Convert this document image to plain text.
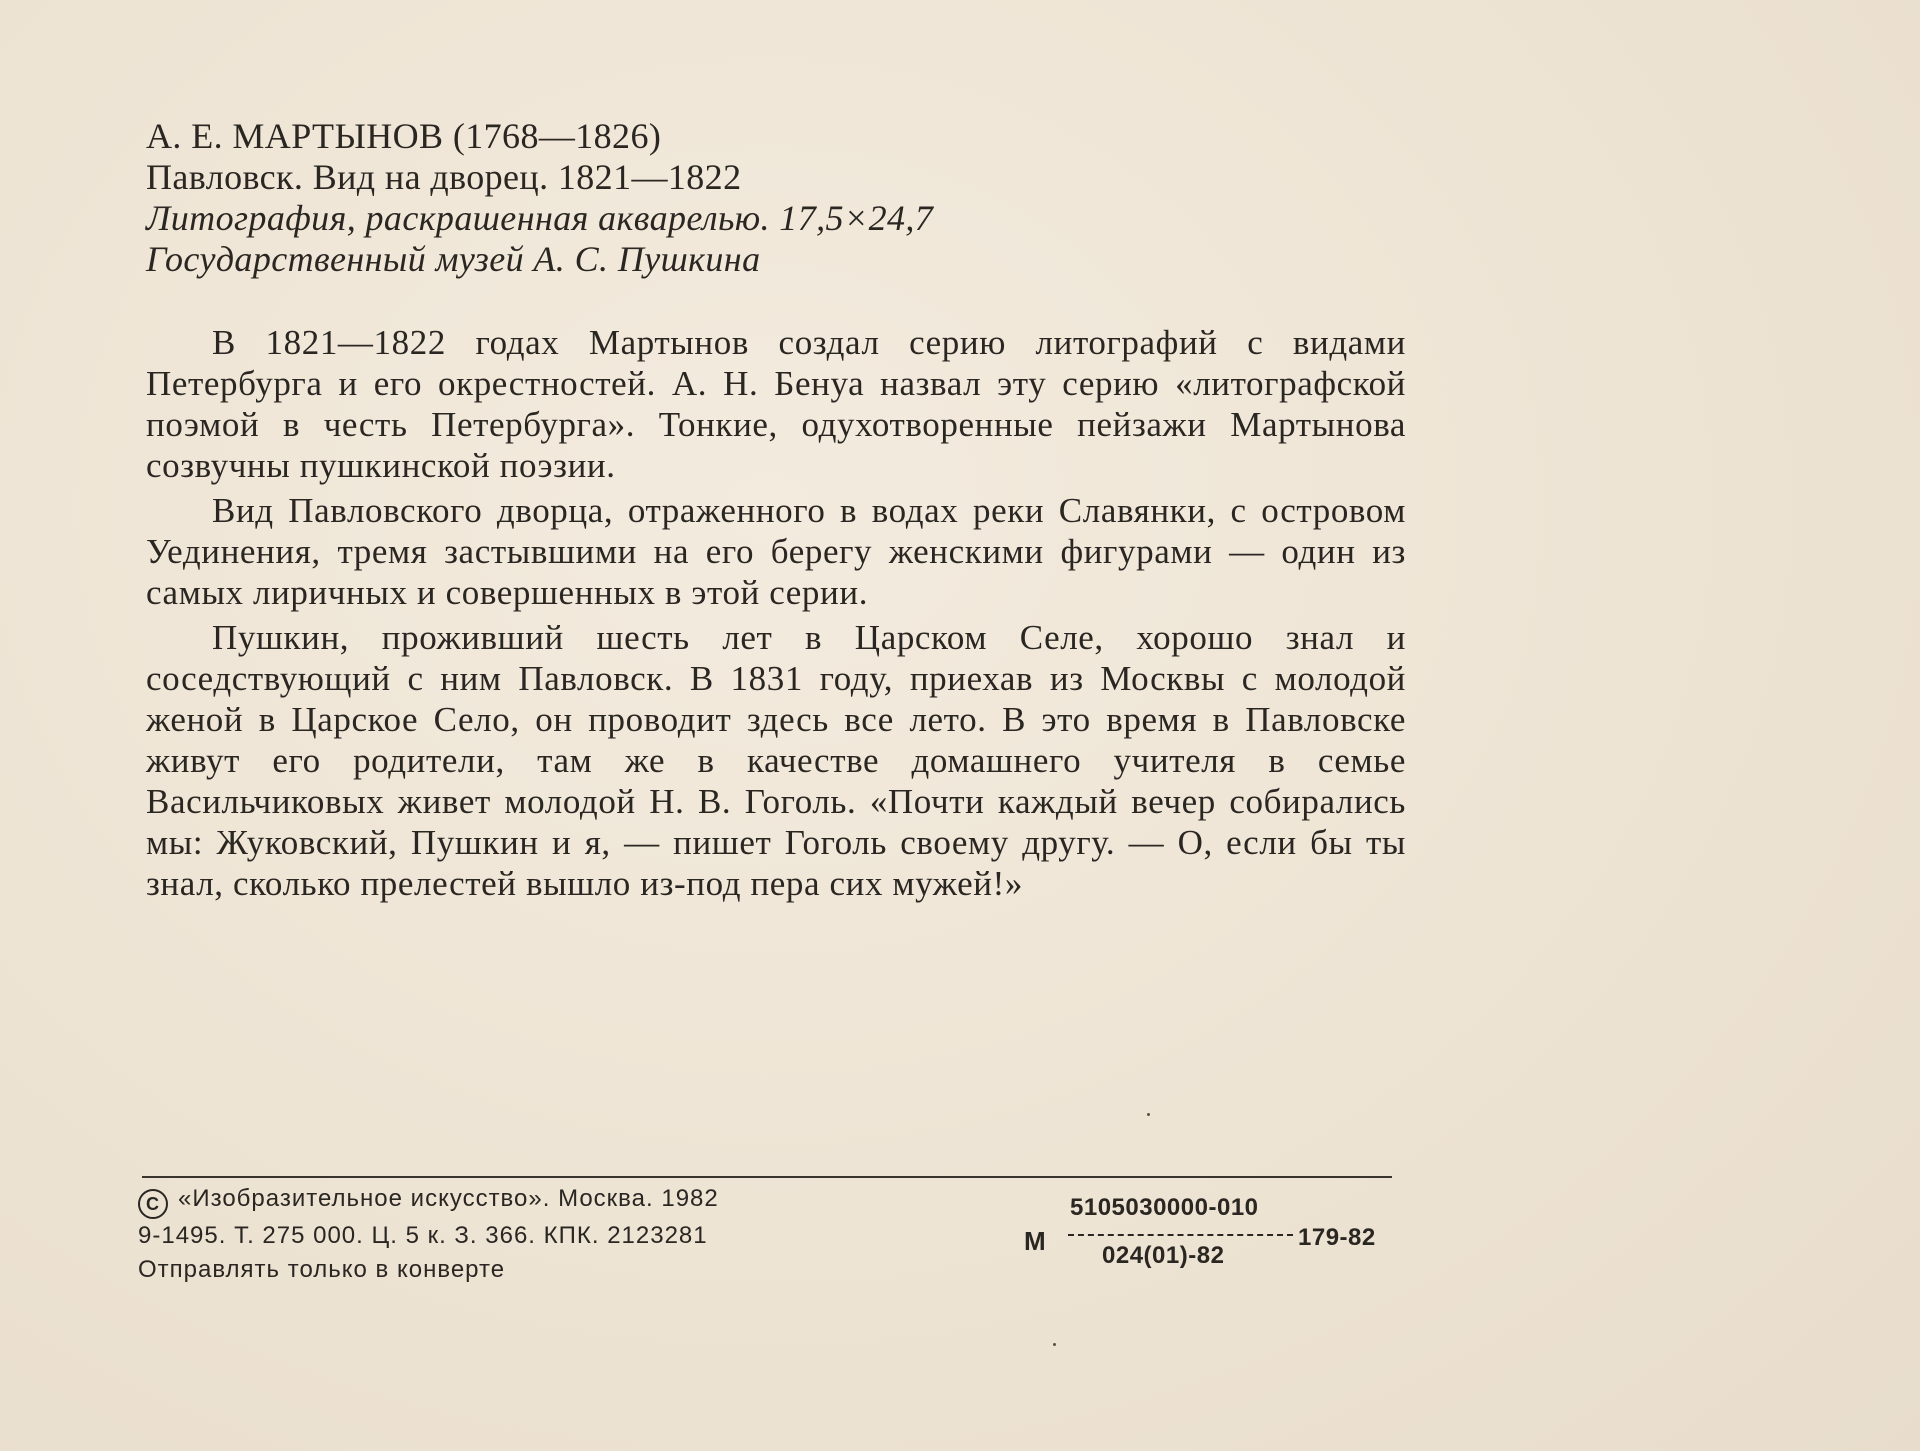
А. Е. МАРТЫНОВ (1768—1826)
Павловск. Вид на дворец. 1821—1822
Литография, раскрашенная акварелью. 17,5×24,7
Государственный музей А. С. Пушкина

В 1821—1822 годах Мартынов создал серию литографий с видами Петербурга и его окрестностей. А. Н. Бенуа назвал эту серию «литографской поэмой в честь Петербурга». Тонкие, одухотворенные пейзажи Мартынова созвучны пушкинской поэзии.

Вид Павловского дворца, отраженного в водах реки Славянки, с островом Уединения, тремя застывшими на его берегу женскими фигурами — один из самых лиричных и совершенных в этой серии.

Пушкин, проживший шесть лет в Царском Селе, хорошо знал и соседствующий с ним Павловск. В 1831 году, приехав из Москвы с молодой женой в Царское Село, он проводит здесь все лето. В это время в Павловске живут его родители, там же в качестве домашнего учителя в семье Васильчиковых живет молодой Н. В. Гоголь. «Почти каждый вечер собирались мы: Жуковский, Пушкин и я, — пишет Гоголь своему другу. — О, если бы ты знал, сколько прелестей вышло из-под пера сих мужей!»

C «Изобразительное искусство». Москва. 1982
9-1495. Т. 275 000. Ц. 5 к. З. 366. КПК. 2123281
Отправлять только в конверте
М
5105030000-010
024(01)-82
179-82
